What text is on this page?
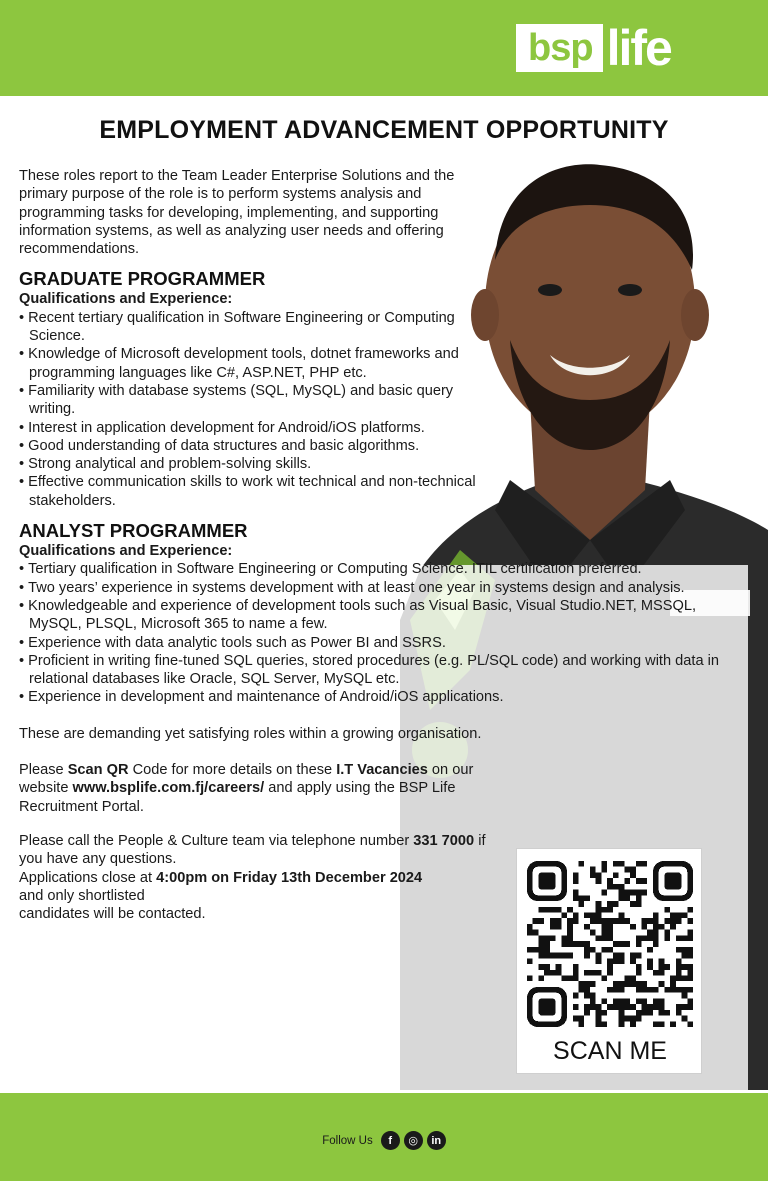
bsp life
EMPLOYMENT ADVANCEMENT OPPORTUNITY

These roles report to the Team Leader Enterprise Solutions and the primary purpose of the role is to perform systems analysis and programming tasks for developing, implementing, and supporting information systems, as well as analyzing user needs and offering recommendations.

GRADUATE PROGRAMMER

Qualifications and Experience:

• Recent tertiary qualification in Software Engineering or Computing Science.
• Knowledge of Microsoft development tools, dotnet frameworks and programming languages like C#, ASP.NET, PHP etc.
• Familiarity with database systems (SQL, MySQL) and basic query writing.
• Interest in application development for Android/iOS platforms.
• Good understanding of data structures and basic algorithms.
• Strong analytical and problem-solving skills.
• Effective communication skills to work wit technical and non-technical stakeholders.
ANALYST PROGRAMMER

Qualifications and Experience:

• Tertiary qualification in Software Engineering or Computing Science. ITIL certification preferred.
• Two years’ experience in systems development with at least one year in systems design and analysis.
• Knowledgeable and experience of development tools such as Visual Basic, Visual Studio.NET, MSSQL, MySQL, PLSQL, Microsoft 365 to name a few.
• Experience with data analytic tools such as Power BI and SSRS.
• Proficient in writing fine-tuned SQL queries, stored procedures (e.g. PL/SQL code) and working with data in relational databases like Oracle, SQL Server, MySQL etc.
• Experience in development and maintenance of Android/iOS applications.

These are demanding yet satisfying roles within a growing organisation.

Please Scan QR Code for more details on these I.T Vacancies on our website www.bsplife.com.fj/careers/ and apply using the BSP Life Recruitment Portal.

Please call the People & Culture team via telephone number 331 7000 if you have any questions.
Applications close at 4:00pm on Friday 13th December 2024
and only shortlisted
candidates will be contacted.

SCAN ME
Follow Us	f	◎	in
